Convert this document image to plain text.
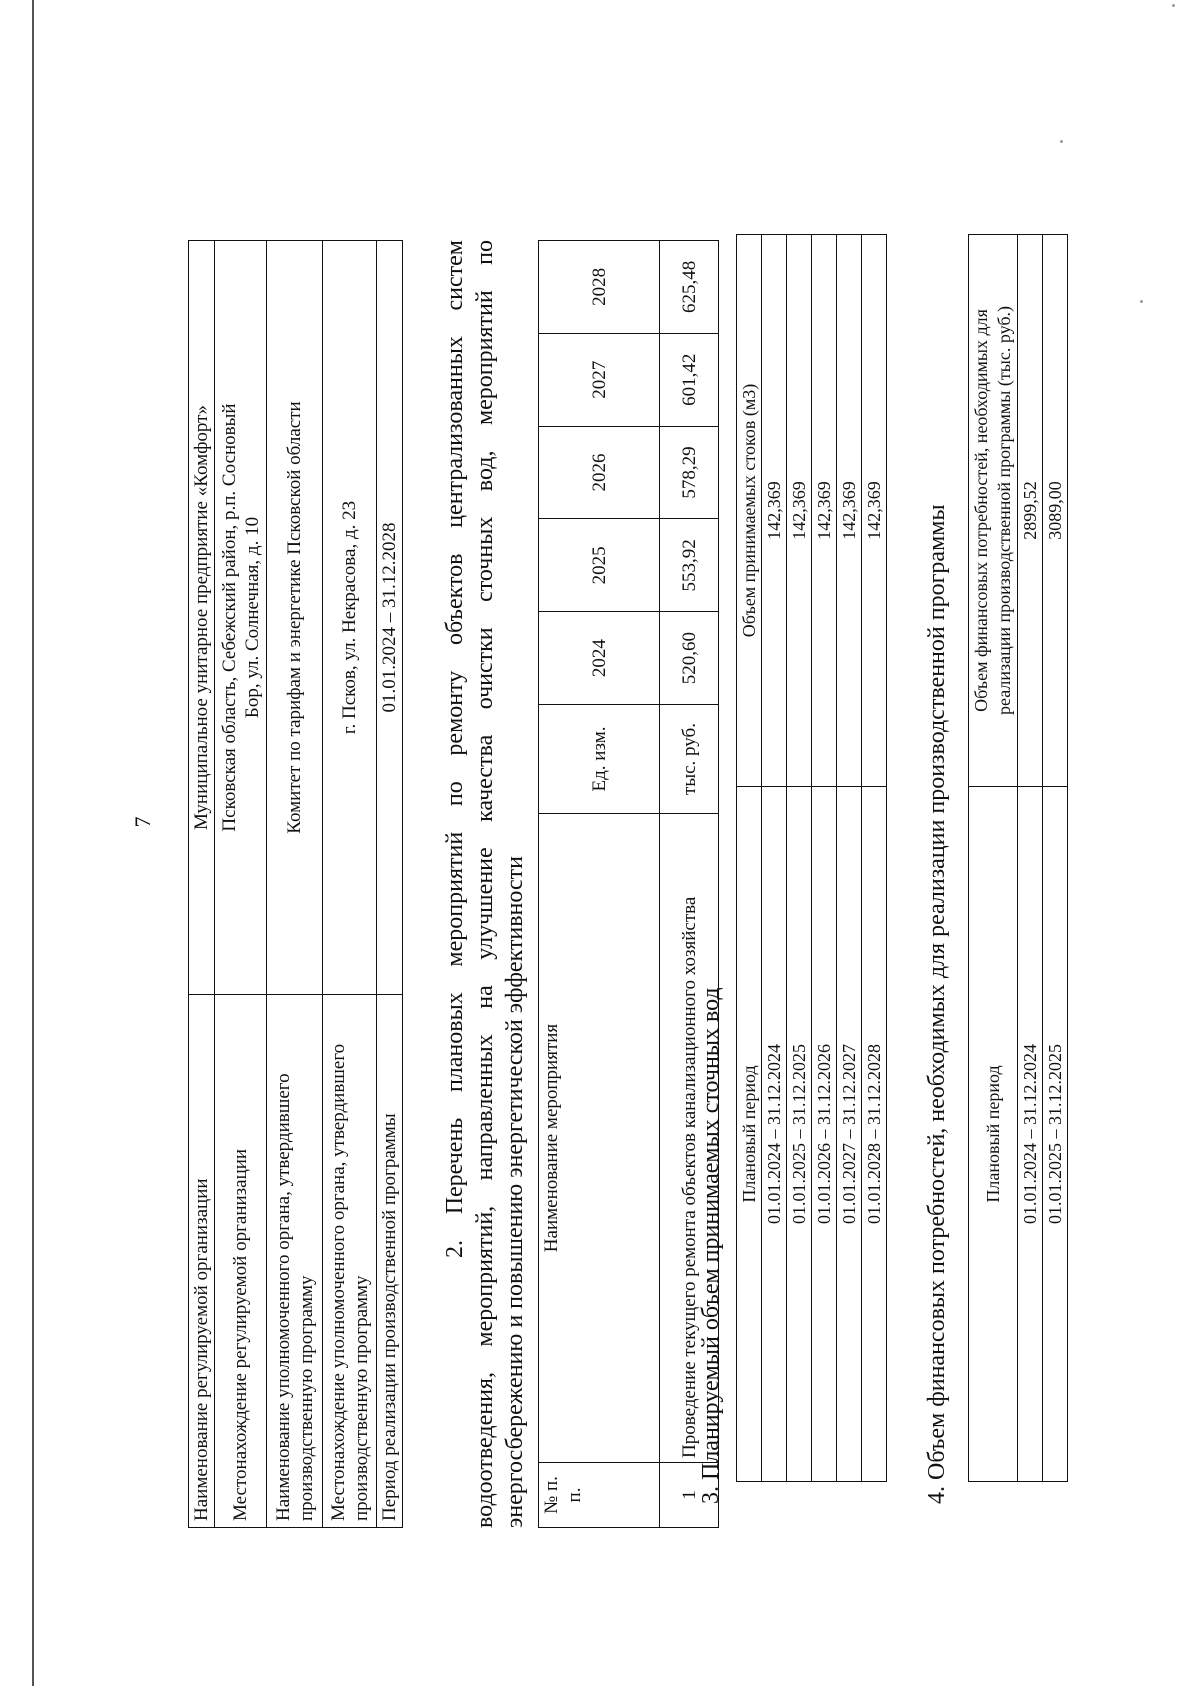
7
Наименование регулируемой организации	Муниципальное унитарное предприятие «Комфорт»
Местонахождение регулируемой организации	Псковская область, Себежский район, р.п. Сосновый Бор, ул. Солнечная, д. 10
Наименование уполномоченного органа, утвердившего производственную программу	Комитет по тарифам и энергетике Псковской области
Местонахождение уполномоченного органа, утвердившего производственную программу	г. Псков, ул. Некрасова, д. 23
Период реализации производственной программы	01.01.2024 – 31.12.2028 2. Перечень плановых мероприятий по ремонту объектов централизованных систем водоотведения, мероприятий, направленных на улучшение качества очистки сточных вод, мероприятий по энергосбережению и повышению энергетической эффективности № п. п.	Наименование мероприятия	Ед. изм.	2024	2025	2026	2027	2028
1	Проведение текущего ремонта объектов канализационного хозяйства	тыс. руб.	520,60	553,92	578,29	601,42	625,48
3. Планируемый объем принимаемых сточных вод Плановый период	Объем принимаемых стоков (м3)
01.01.2024 – 31.12.2024	142,369
01.01.2025 – 31.12.2025	142,369
01.01.2026 – 31.12.2026	142,369
01.01.2027 – 31.12.2027	142,369
01.01.2028 – 31.12.2028	142,369 4. Объем финансовых потребностей, необходимых для реализации производственной программы Плановый период	Объем финансовых потребностей, необходимых для реализации производственной программы (тыс. руб.)
01.01.2024 – 31.12.2024	2899,52
01.01.2025 – 31.12.2025	3089,00
